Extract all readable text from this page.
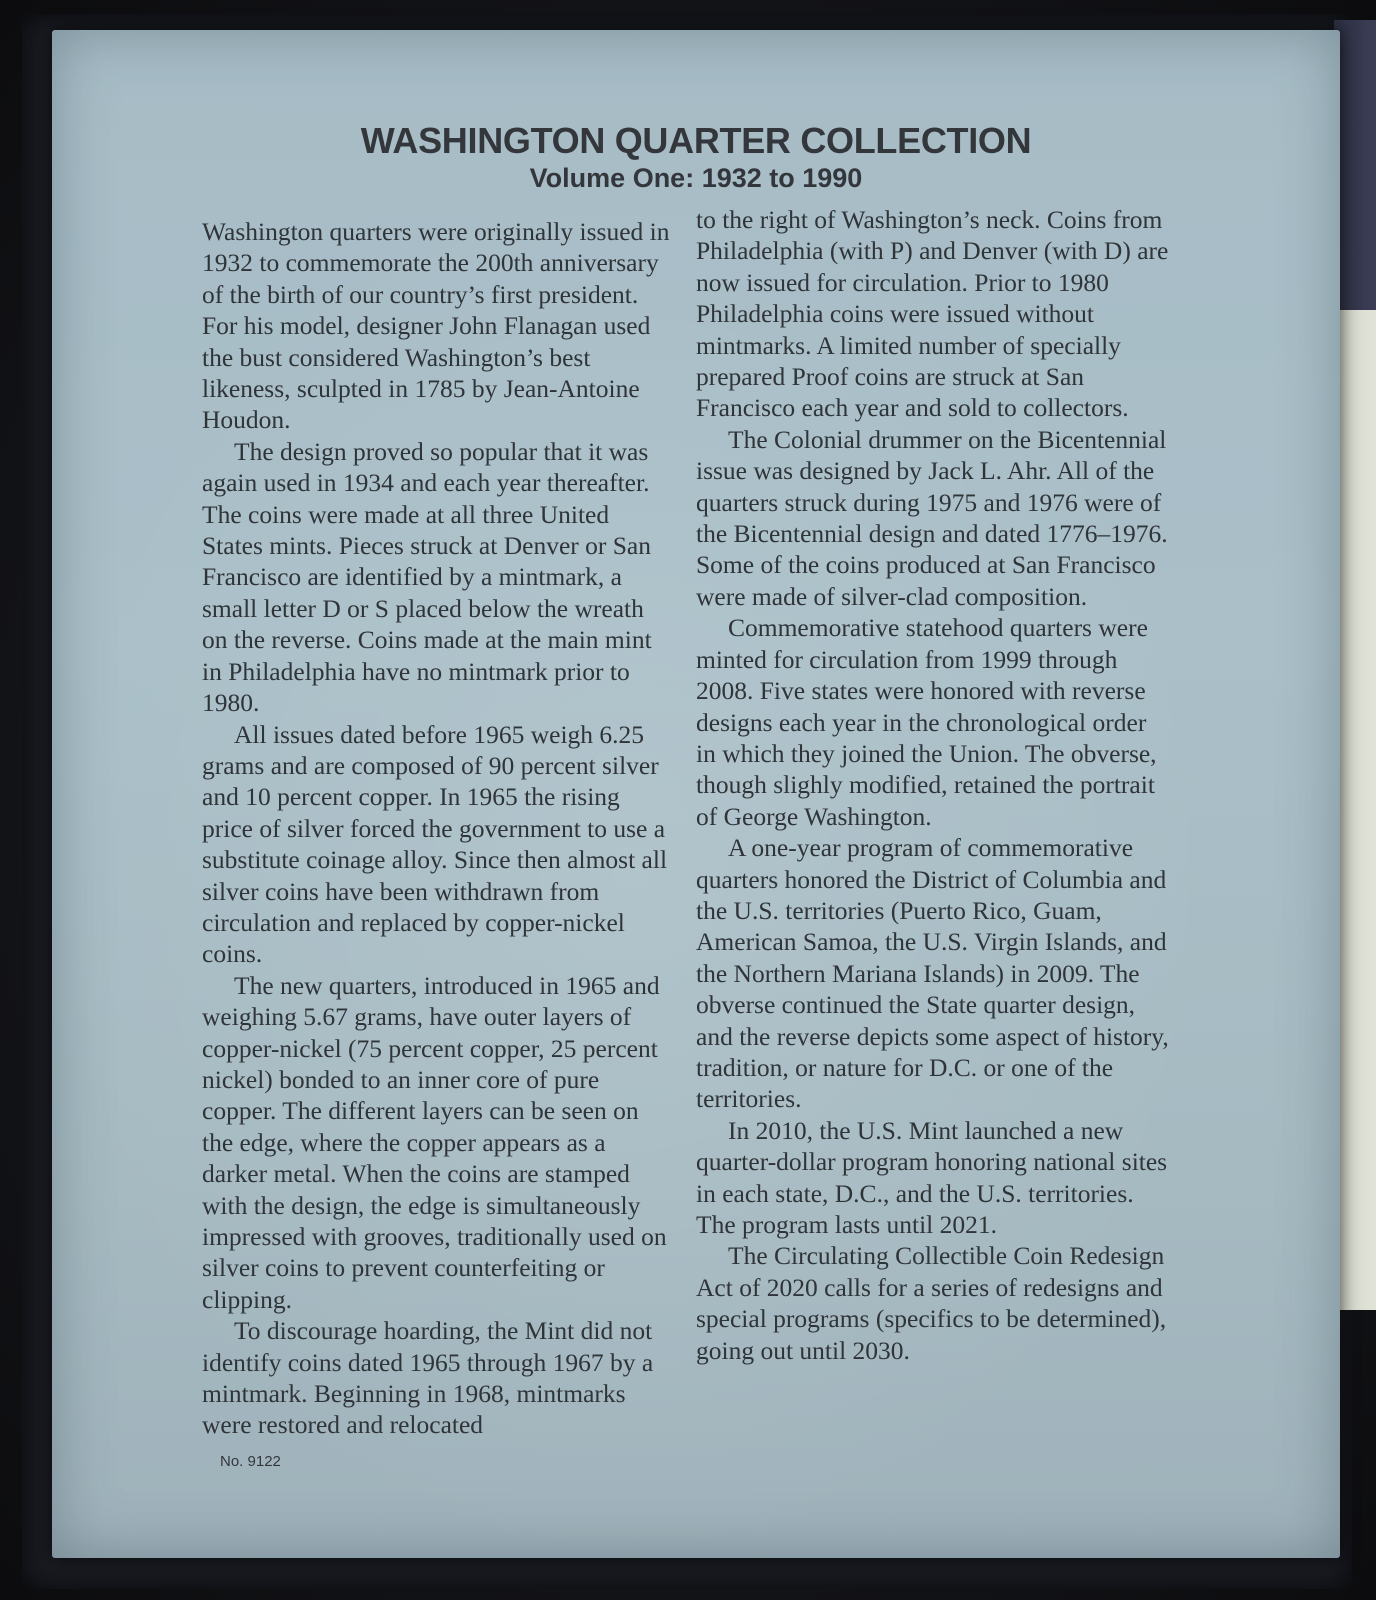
WASHINGTON QUARTER COLLECTION
Volume One: 1932 to 1990

Washington quarters were originally issued in 1932 to commemorate the 200th anniversary of the birth of our country’s first president. For his model, designer John Flanagan used the bust considered Washington’s best likeness, sculpted in 1785 by Jean-Antoine Houdon.

The design proved so popular that it was again used in 1934 and each year thereafter. The coins were made at all three United States mints. Pieces struck at Denver or San Francisco are identified by a mintmark, a small letter D or S placed below the wreath on the reverse. Coins made at the main mint in Philadelphia have no mintmark prior to 1980.

All issues dated before 1965 weigh 6.25 grams and are composed of 90 percent silver and 10 percent copper. In 1965 the rising price of silver forced the government to use a substitute coinage alloy. Since then almost all silver coins have been withdrawn from circulation and replaced by copper-nickel coins.

The new quarters, introduced in 1965 and weighing 5.67 grams, have outer layers of copper-nickel (75 percent copper, 25 percent nickel) bonded to an inner core of pure copper. The different layers can be seen on the edge, where the copper appears as a darker metal. When the coins are stamped with the design, the edge is simultaneously impressed with grooves, traditionally used on silver coins to prevent counterfeiting or clipping.

To discourage hoarding, the Mint did not identify coins dated 1965 through 1967 by a mintmark. Beginning in 1968, mintmarks were restored and relocated

to the right of Washington’s neck. Coins from Philadelphia (with P) and Denver (with D) are now issued for circulation. Prior to 1980 Philadelphia coins were issued without mintmarks. A limited number of specially prepared Proof coins are struck at San Francisco each year and sold to collectors.

The Colonial drummer on the Bicentennial issue was designed by Jack L. Ahr. All of the quarters struck during 1975 and 1976 were of the Bicentennial design and dated 1776–1976. Some of the coins produced at San Francisco were made of silver-clad composition.

Commemorative statehood quarters were minted for circulation from 1999 through 2008. Five states were honored with reverse designs each year in the chronological order in which they joined the Union. The obverse, though slighly modified, retained the portrait of George Washington.

A one-year program of commemorative quarters honored the District of Columbia and the U.S. territories (Puerto Rico, Guam, American Samoa, the U.S. Virgin Islands, and the Northern Mariana Islands) in 2009. The obverse continued the State quarter design, and the reverse depicts some aspect of history, tradition, or nature for D.C. or one of the territories.

In 2010, the U.S. Mint launched a new quarter-dollar program honoring national sites in each state, D.C., and the U.S. territories. The program lasts until 2021.

The Circulating Collectible Coin Redesign Act of 2020 calls for a series of redesigns and special programs (specifics to be determined), going out until 2030.

No. 9122
